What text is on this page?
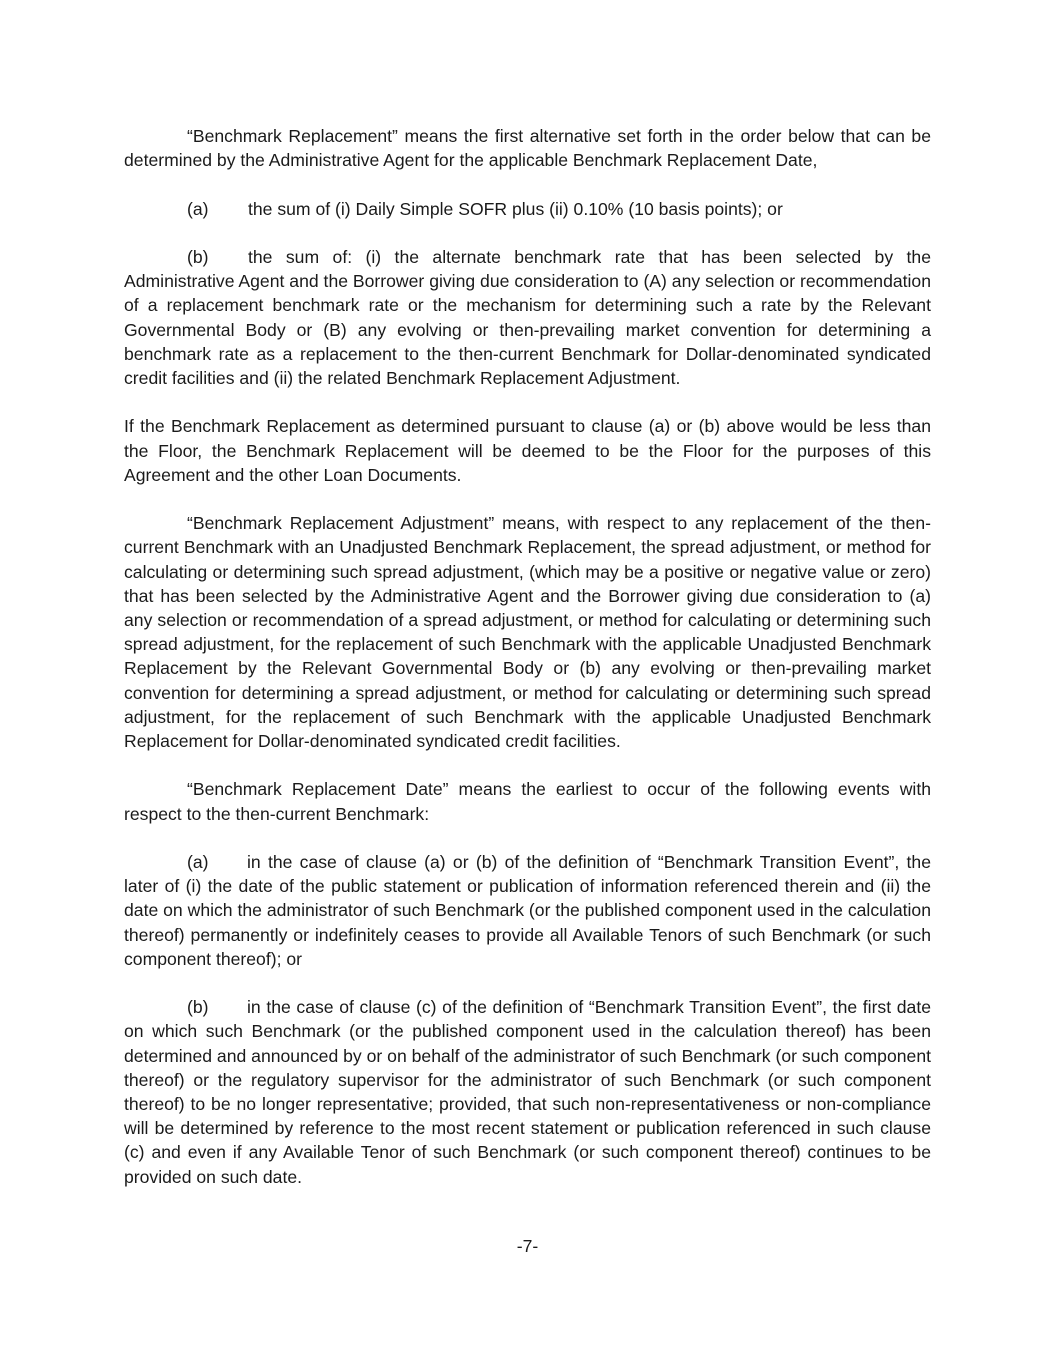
“Benchmark Replacement” means the first alternative set forth in the order below that can be determined by the Administrative Agent for the applicable Benchmark Replacement Date,

(a) the sum of (i) Daily Simple SOFR plus (ii) 0.10% (10 basis points); or

(b) the sum of: (i) the alternate benchmark rate that has been selected by the Administrative Agent and the Borrower giving due consideration to (A) any selection or recommendation of a replacement benchmark rate or the mechanism for determining such a rate by the Relevant Governmental Body or (B) any evolving or then-prevailing market convention for determining a benchmark rate as a replacement to the then-current Benchmark for Dollar-denominated syndicated credit facilities and (ii) the related Benchmark Replacement Adjustment.

If the Benchmark Replacement as determined pursuant to clause (a) or (b) above would be less than the Floor, the Benchmark Replacement will be deemed to be the Floor for the purposes of this Agreement and the other Loan Documents.

“Benchmark Replacement Adjustment” means, with respect to any replacement of the then-current Benchmark with an Unadjusted Benchmark Replacement, the spread adjustment, or method for calculating or determining such spread adjustment, (which may be a positive or negative value or zero) that has been selected by the Administrative Agent and the Borrower giving due consideration to (a) any selection or recommendation of a spread adjustment, or method for calculating or determining such spread adjustment, for the replacement of such Benchmark with the applicable Unadjusted Benchmark Replacement by the Relevant Governmental Body or (b) any evolving or then-prevailing market convention for determining a spread adjustment, or method for calculating or determining such spread adjustment, for the replacement of such Benchmark with the applicable Unadjusted Benchmark Replacement for Dollar-denominated syndicated credit facilities.

“Benchmark Replacement Date” means the earliest to occur of the following events with respect to the then-current Benchmark:

(a) in the case of clause (a) or (b) of the definition of “Benchmark Transition Event”, the later of (i) the date of the public statement or publication of information referenced therein and (ii) the date on which the administrator of such Benchmark (or the published component used in the calculation thereof) permanently or indefinitely ceases to provide all Available Tenors of such Benchmark (or such component thereof); or

(b) in the case of clause (c) of the definition of “Benchmark Transition Event”, the first date on which such Benchmark (or the published component used in the calculation thereof) has been determined and announced by or on behalf of the administrator of such Benchmark (or such component thereof) or the regulatory supervisor for the administrator of such Benchmark (or such component thereof) to be no longer representative; provided, that such non-representativeness or non-compliance will be determined by reference to the most recent statement or publication referenced in such clause (c) and even if any Available Tenor of such Benchmark (or such component thereof) continues to be provided on such date.

-7-
